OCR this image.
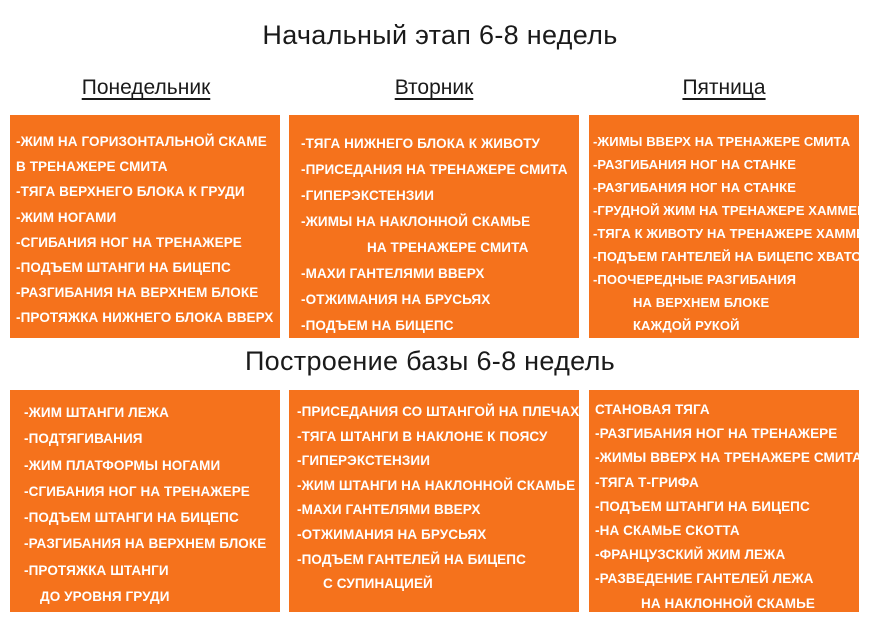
Начальный этап 6-8 недель
Понедельник	Вторник	Пятница
-ЖИМ НА ГОРИЗОНТАЛЬНОЙ СКАМЕ
В ТРЕНАЖЕРЕ СМИТА
-ТЯГА ВЕРХНЕГО БЛОКА К ГРУДИ
-ЖИМ НОГАМИ
-СГИБАНИЯ НОГ НА ТРЕНАЖЕРЕ
-ПОДЪЕМ ШТАНГИ НА БИЦЕПС
-РАЗГИБАНИЯ НА ВЕРХНЕМ БЛОКЕ
-ПРОТЯЖКА НИЖНЕГО БЛОКА ВВЕРХ
-ТЯГА НИЖНЕГО БЛОКА К ЖИВОТУ
-ПРИСЕДАНИЯ НА ТРЕНАЖЕРЕ СМИТА
-ГИПЕРЭКСТЕНЗИИ
-ЖИМЫ НА НАКЛОННОЙ СКАМЬЕ
НА ТРЕНАЖЕРЕ СМИТА
-МАХИ ГАНТЕЛЯМИ ВВЕРХ
-ОТЖИМАНИЯ НА БРУСЬЯХ
-ПОДЪЕМ НА БИЦЕПС
-ЖИМЫ ВВЕРХ НА ТРЕНАЖЕРЕ СМИТА
-РАЗГИБАНИЯ НОГ НА СТАНКЕ
-РАЗГИБАНИЯ НОГ НА СТАНКЕ
-ГРУДНОЙ ЖИМ НА ТРЕНАЖЕРЕ ХАММЕР
-ТЯГА К ЖИВОТУ НА ТРЕНАЖЕРЕ ХАММЕР
-ПОДЪЕМ ГАНТЕЛЕЙ НА БИЦЕПС ХВАТОМ
-ПООЧЕРЕДНЫЕ РАЗГИБАНИЯ
НА ВЕРХНЕМ БЛОКЕ
КАЖДОЙ РУКОЙ
Построение базы 6-8 недель
-ЖИМ ШТАНГИ ЛЕЖА
-ПОДТЯГИВАНИЯ
-ЖИМ ПЛАТФОРМЫ НОГАМИ
-СГИБАНИЯ НОГ НА ТРЕНАЖЕРЕ
-ПОДЪЕМ ШТАНГИ НА БИЦЕПС
-РАЗГИБАНИЯ НА ВЕРХНЕМ БЛОКЕ
-ПРОТЯЖКА ШТАНГИ
ДО УРОВНЯ ГРУДИ
-ПРИСЕДАНИЯ СО ШТАНГОЙ НА ПЛЕЧАХ
-ТЯГА ШТАНГИ В НАКЛОНЕ К ПОЯСУ
-ГИПЕРЭКСТЕНЗИИ
-ЖИМ ШТАНГИ НА НАКЛОННОЙ СКАМЬЕ
-МАХИ ГАНТЕЛЯМИ ВВЕРХ
-ОТЖИМАНИЯ НА БРУСЬЯХ
-ПОДЪЕМ ГАНТЕЛЕЙ НА БИЦЕПС
С СУПИНАЦИЕЙ
СТАНОВАЯ ТЯГА
-РАЗГИБАНИЯ НОГ НА ТРЕНАЖЕРЕ
-ЖИМЫ ВВЕРХ НА ТРЕНАЖЕРЕ СМИТА
-ТЯГА Т-ГРИФА
-ПОДЪЕМ ШТАНГИ НА БИЦЕПС
-НА СКАМЬЕ СКОТТА
-ФРАНЦУЗСКИЙ ЖИМ ЛЕЖА
-РАЗВЕДЕНИЕ ГАНТЕЛЕЙ ЛЕЖА
НА НАКЛОННОЙ СКАМЬЕ
